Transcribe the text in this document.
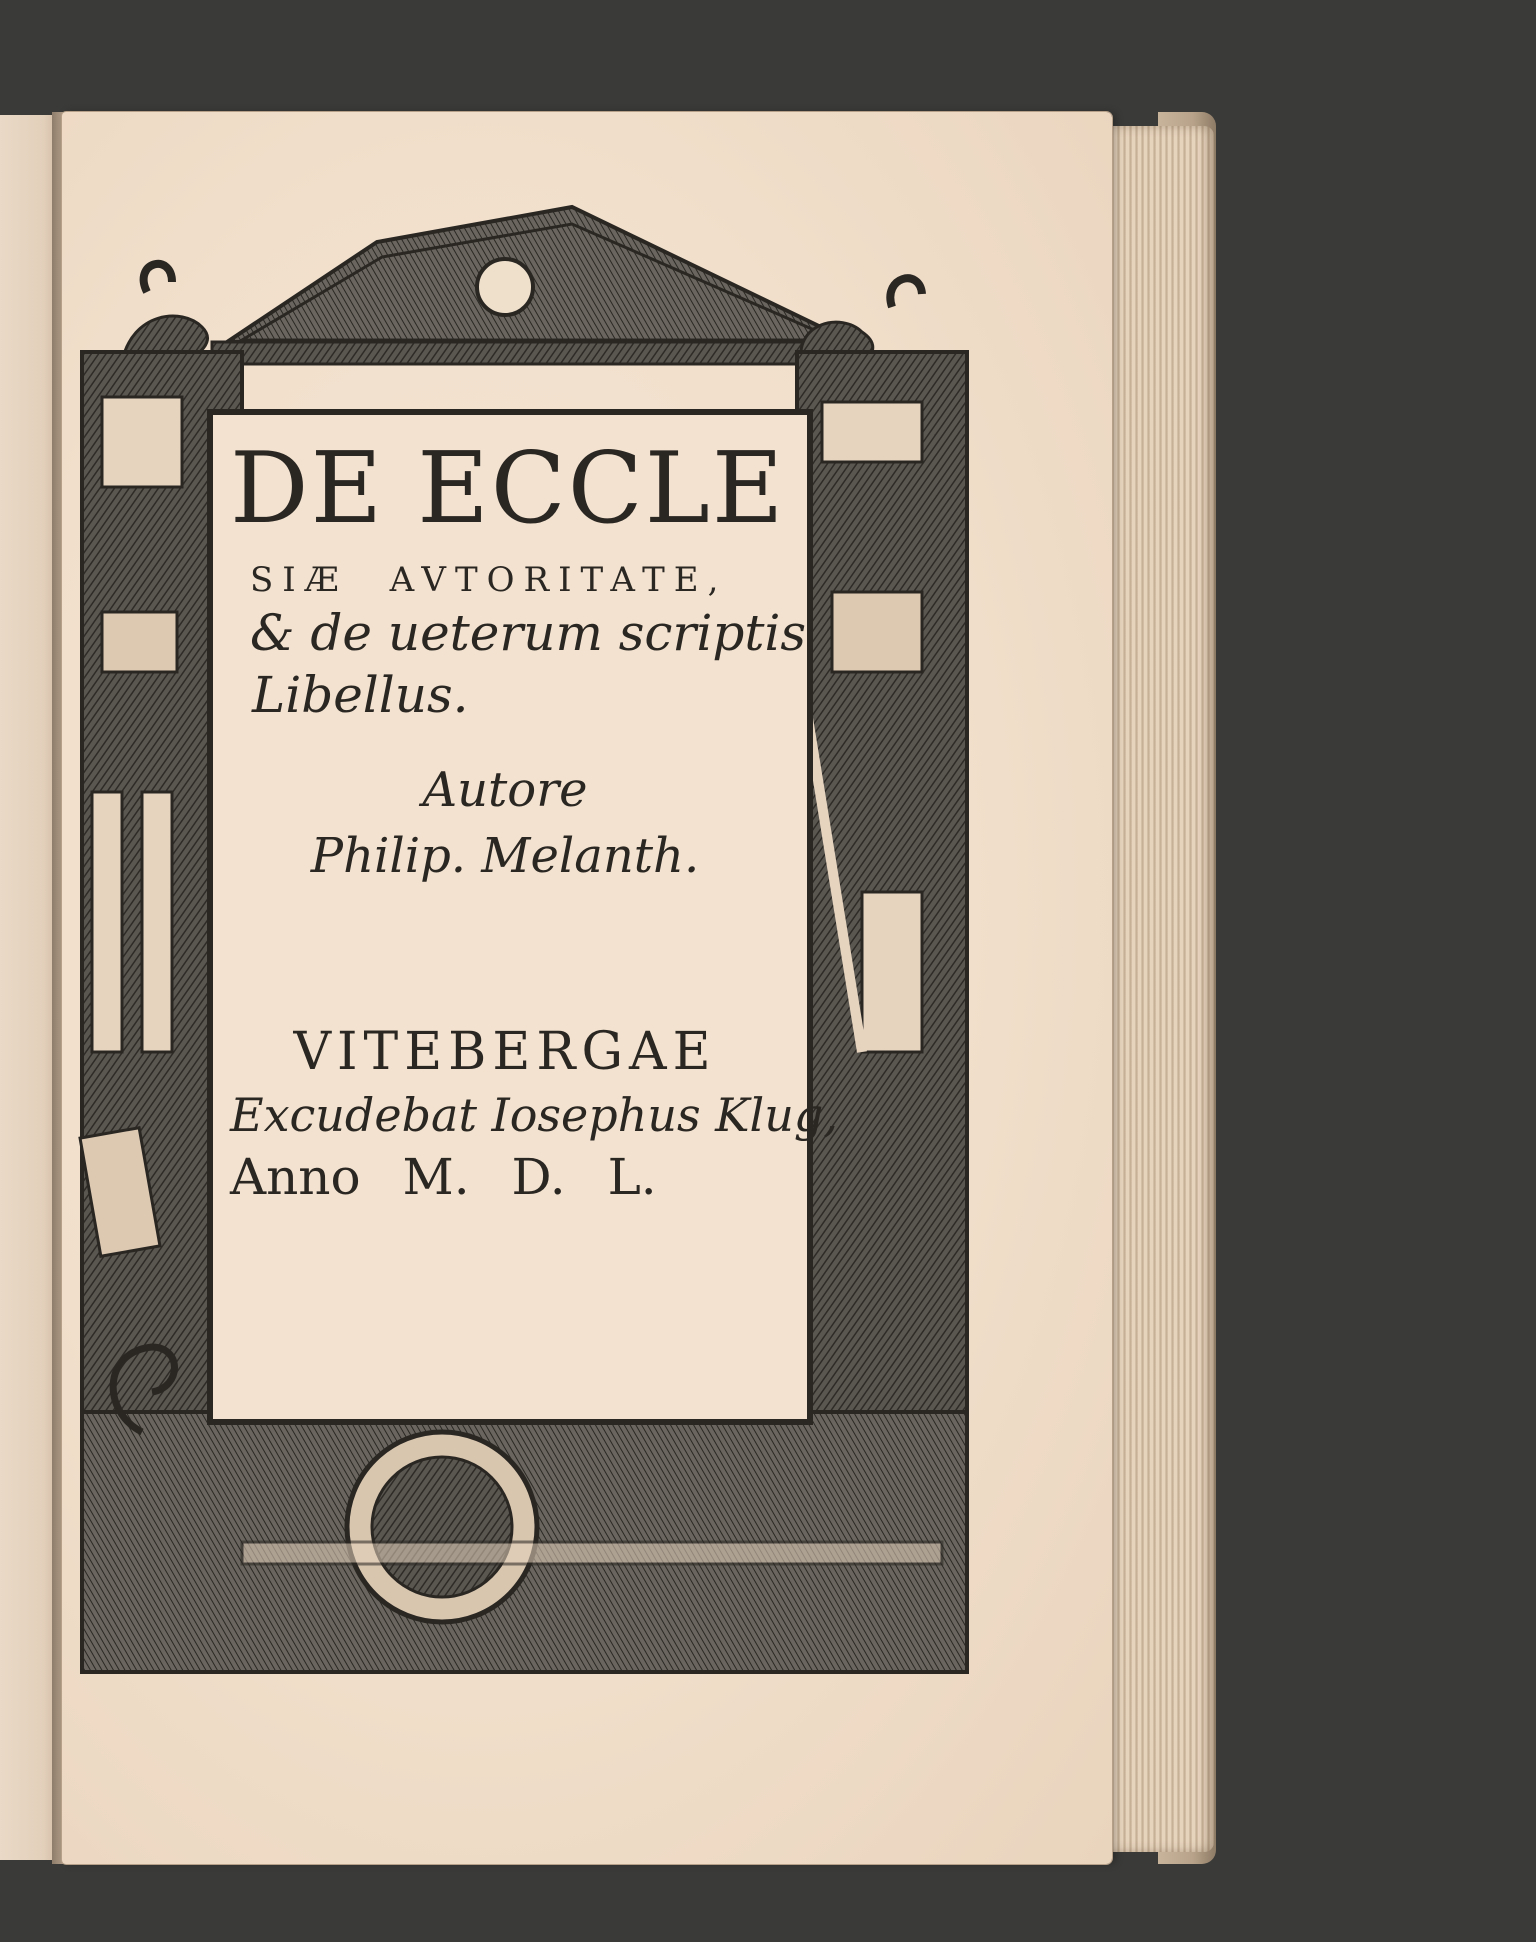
DE ECCLE
SIÆ AVTORITATE,
& de ueterum scriptis
Libellus.
Autore
Philip. Melanth.
VITEBERGAE
Excudebat Iosephus Klug,
Anno M. D. L.
